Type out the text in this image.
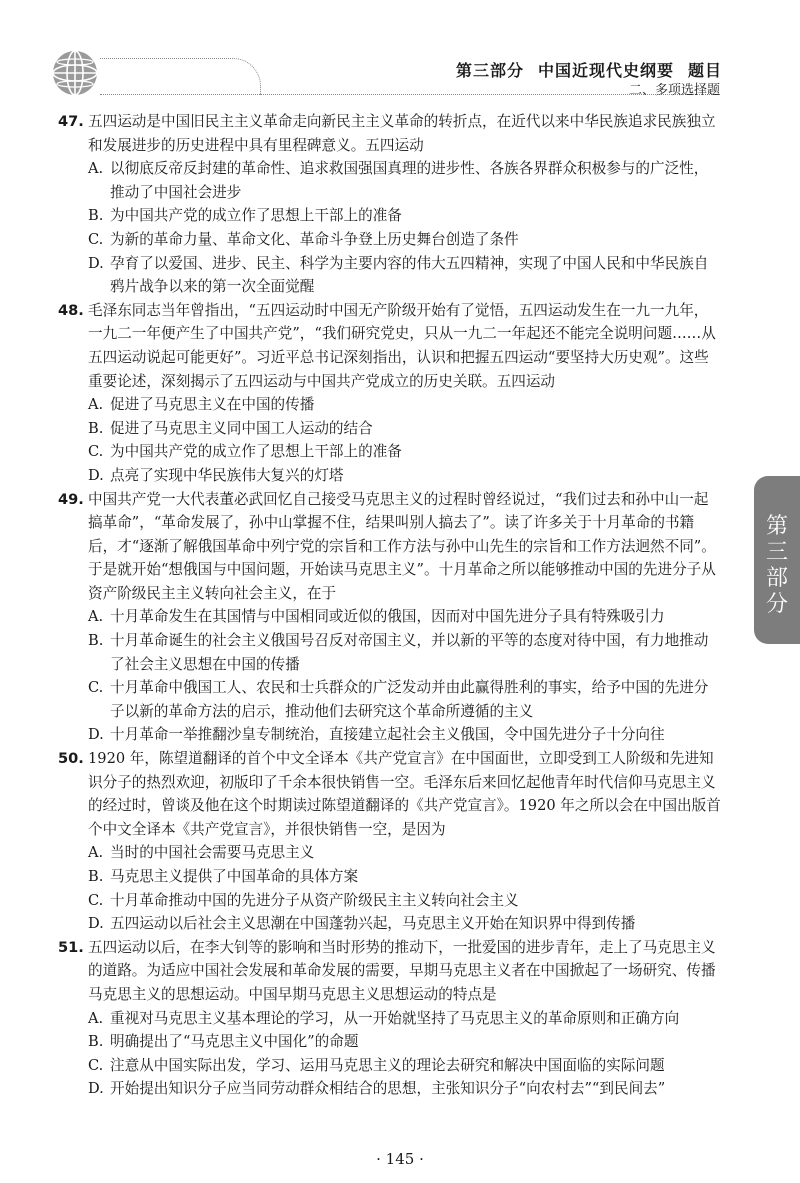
第三部分 中国近现代史纲要 题目
二、多项选择题
47. 五四运动是中国旧民主主义革命走向新民主主义革命的转折点，在近代以来中华民族追求民族独立和发展进步的历史进程中具有里程碑意义。五四运动
A. 以彻底反帝反封建的革命性、追求救国强国真理的进步性、各族各界群众积极参与的广泛性，推动了中国社会进步
B. 为中国共产党的成立作了思想上干部上的准备
C. 为新的革命力量、革命文化、革命斗争登上历史舞台创造了条件
D. 孕育了以爱国、进步、民主、科学为主要内容的伟大五四精神，实现了中国人民和中华民族自鸦片战争以来的第一次全面觉醒
48. 毛泽东同志当年曾指出，“五四运动时中国无产阶级开始有了觉悟，五四运动发生在一九一九年，一九二一年便产生了中国共产党”，“我们研究党史，只从一九二一年起还不能完全说明问题……从五四运动说起可能更好”。习近平总书记深刻指出，认识和把握五四运动“要坚持大历史观”。这些重要论述，深刻揭示了五四运动与中国共产党成立的历史关联。五四运动
A. 促进了马克思主义在中国的传播
B. 促进了马克思主义同中国工人运动的结合
C. 为中国共产党的成立作了思想上干部上的准备
D. 点亮了实现中华民族伟大复兴的灯塔
49. 中国共产党一大代表董必武回忆自己接受马克思主义的过程时曾经说过，“我们过去和孙中山一起搞革命”，“革命发展了，孙中山掌握不住，结果叫别人搞去了”。读了许多关于十月革命的书籍后，才“逐渐了解俄国革命中列宁党的宗旨和工作方法与孙中山先生的宗旨和工作方法迥然不同”。于是就开始“想俄国与中国问题，开始读马克思主义”。十月革命之所以能够推动中国的先进分子从资产阶级民主主义转向社会主义，在于
A. 十月革命发生在其国情与中国相同或近似的俄国，因而对中国先进分子具有特殊吸引力
B. 十月革命诞生的社会主义俄国号召反对帝国主义，并以新的平等的态度对待中国，有力地推动了社会主义思想在中国的传播
C. 十月革命中俄国工人、农民和士兵群众的广泛发动并由此赢得胜利的事实，给予中国的先进分子以新的革命方法的启示，推动他们去研究这个革命所遵循的主义
D. 十月革命一举推翻沙皇专制统治，直接建立起社会主义俄国，令中国先进分子十分向往
50. 1920 年，陈望道翻译的首个中文全译本《共产党宣言》在中国面世，立即受到工人阶级和先进知识分子的热烈欢迎，初版印了千余本很快销售一空。毛泽东后来回忆起他青年时代信仰马克思主义的经过时，曾谈及他在这个时期读过陈望道翻译的《共产党宣言》。1920 年之所以会在中国出版首个中文全译本《共产党宣言》，并很快销售一空，是因为
A. 当时的中国社会需要马克思主义
B. 马克思主义提供了中国革命的具体方案
C. 十月革命推动中国的先进分子从资产阶级民主主义转向社会主义
D. 五四运动以后社会主义思潮在中国蓬勃兴起，马克思主义开始在知识界中得到传播
51. 五四运动以后，在李大钊等的影响和当时形势的推动下，一批爱国的进步青年，走上了马克思主义的道路。为适应中国社会发展和革命发展的需要，早期马克思主义者在中国掀起了一场研究、传播马克思主义的思想运动。中国早期马克思主义思想运动的特点是
A. 重视对马克思主义基本理论的学习，从一开始就坚持了马克思主义的革命原则和正确方向
B. 明确提出了“马克思主义中国化”的命题
C. 注意从中国实际出发，学习、运用马克思主义的理论去研究和解决中国面临的实际问题
D. 开始提出知识分子应当同劳动群众相结合的思想，主张知识分子“向农村去”“到民间去”
第三部分
· 145 ·
